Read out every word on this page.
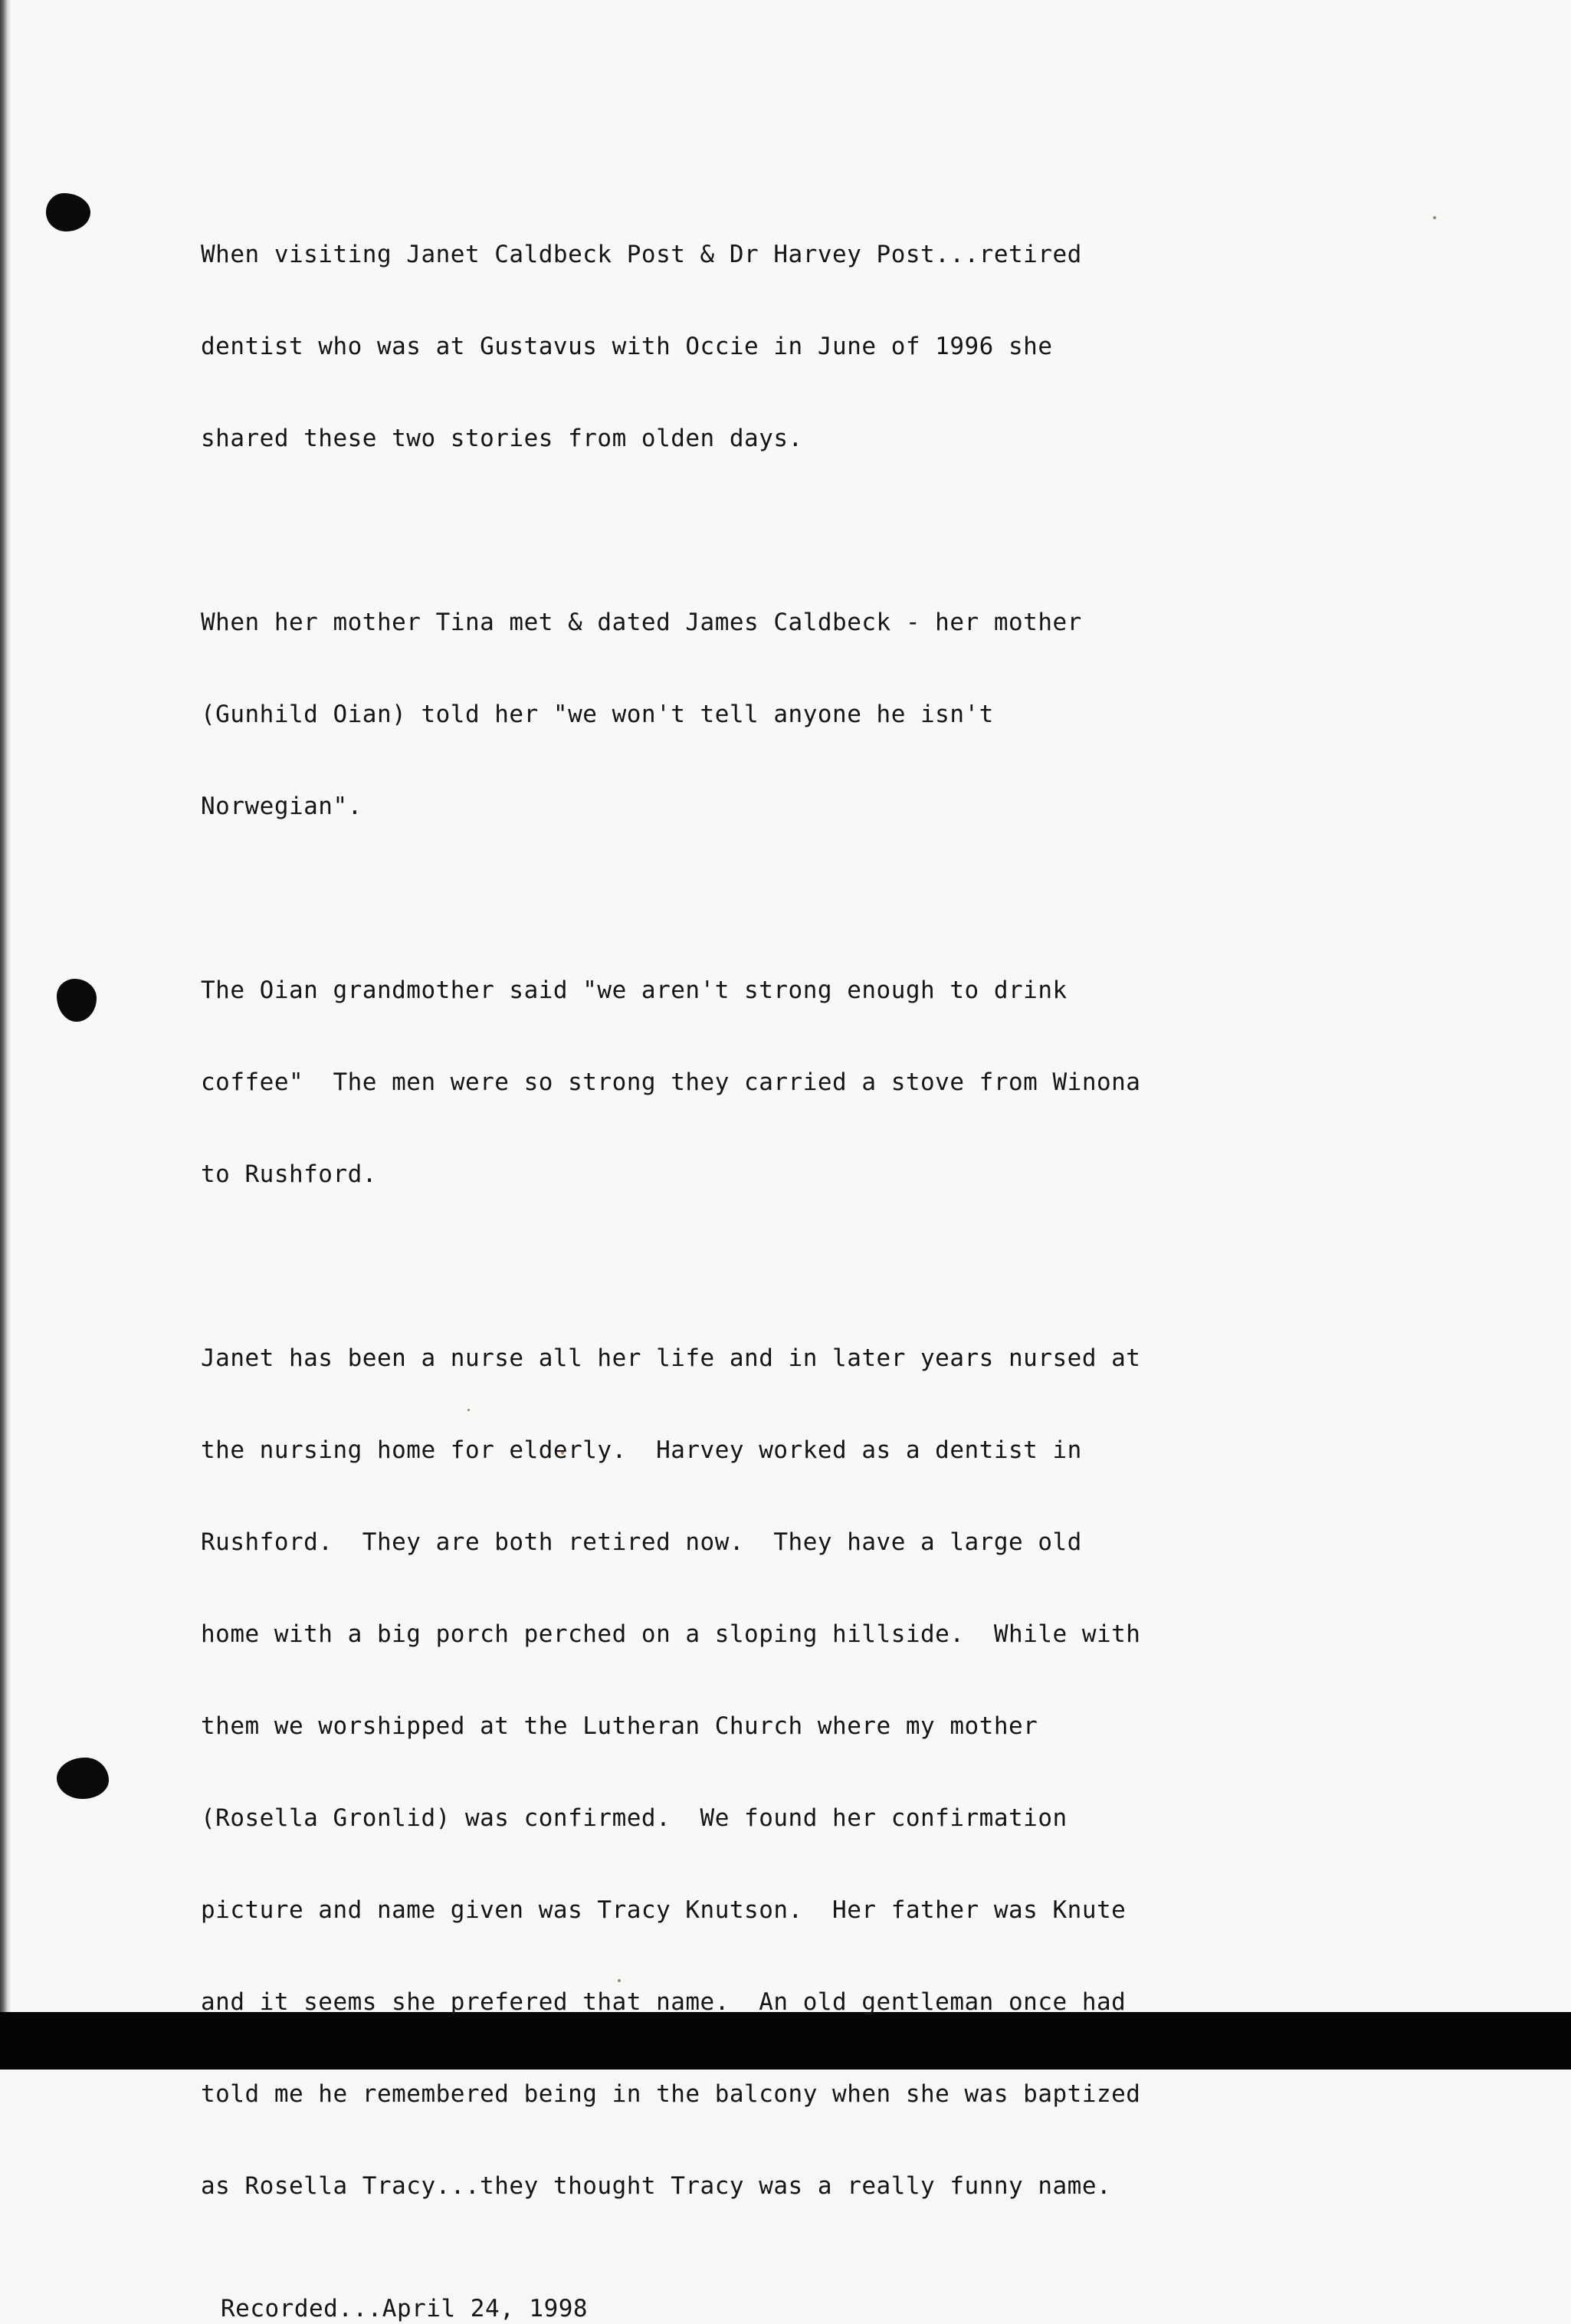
When visiting Janet Caldbeck Post & Dr Harvey Post...retired

dentist who was at Gustavus with Occie in June of 1996 she

shared these two stories from olden days.

When her mother Tina met & dated James Caldbeck - her mother

(Gunhild Oian) told her "we won't tell anyone he isn't

Norwegian".

The Oian grandmother said "we aren't strong enough to drink

coffee"  The men were so strong they carried a stove from Winona

to Rushford.

Janet has been a nurse all her life and in later years nursed at

the nursing home for elderly.  Harvey worked as a dentist in

Rushford.  They are both retired now.  They have a large old

home with a big porch perched on a sloping hillside.  While with

them we worshipped at the Lutheran Church where my mother

(Rosella Gronlid) was confirmed.  We found her confirmation

picture and name given was Tracy Knutson.  Her father was Knute

and it seems she prefered that name.  An old gentleman once had

told me he remembered being in the balcony when she was baptized

as Rosella Tracy...they thought Tracy was a really funny name.

Recorded...April 24, 1998
